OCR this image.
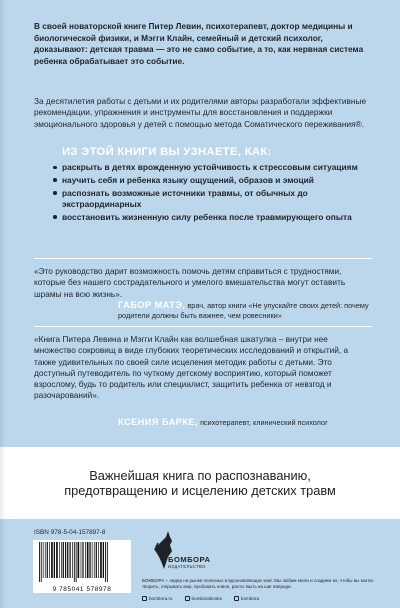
В своей новаторской книге Питер Левин, психотерапевт, доктор медицины и биологической физики, и Мэгги Клайн, семейный и детский психолог, доказывают: детская травма — это не само событие, а то, как нервная система ребенка обрабатывает это событие.
За десятилетия работы с детьми и их родителями авторы разработали эффективные рекомендации, упражнения и инструменты для восстановления и поддержки эмоционального здоровья у детей с помощью метода Соматического переживания®.
ИЗ ЭТОЙ КНИГИ ВЫ УЗНАЕТЕ, КАК:
раскрыть в детях врожденную устойчивость к стрессовым ситуациям
научить себя и ребенка языку ощущений, образов и эмоций
распознать возможные источники травмы, от обычных до экстраординарных
восстановить жизненную силу ребенка после травмирующего опыта
«Это руководство дарит возможность помочь детям справиться с трудностями, которые без нашего сострадательного и умелого вмешательства могут оставить шрамы на всю жизнь».
ГАБОР МАТЭ, врач, автор книги «Не упускайте своих детей: почему родители должны быть важнее, чем ровесники»
«Книга Питера Левина и Мэгги Клайн как волшебная шкатулка – внутри нее множество сокровищ в виде глубоких теоретических исследований и открытий, а также удивительных по своей силе исцеления методик работы с детьми. Это доступный путеводитель по чуткому детскому восприятию, который поможет взрослому, будь то родитель или специалист, защитить ребенка от невзгод и разочарований».
КСЕНИЯ БАРКЕ, психотерапевт, клинический психолог
Важнейшая книга по распознаванию, предотвращению и исцелению детских травм
ISBN 978-5-04-157897-8
9 785041 578978
БОМБОРА
ИЗДАТЕЛЬСТВО
БОМБОРА – лидер на рынке полезных и вдохновляющих книг. Мы любим книги и создаем их, чтобы вы могли творить, открывать мир, пробовать новое, расти. Быть на шаг впереди.
bombora.ru	bomborabooks	bombora
